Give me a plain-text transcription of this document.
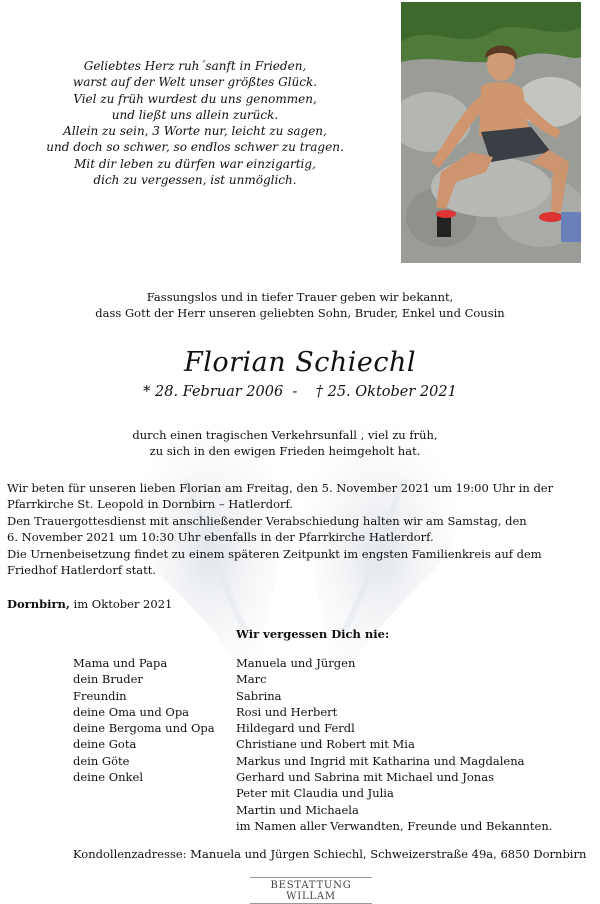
Geliebtes Herz ruh´sanft in Frieden,
warst auf der Welt unser größtes Glück.
Viel zu früh wurdest du uns genommen,
und ließt uns allein zurück.
Allein zu sein, 3 Worte nur, leicht zu sagen,
und doch so schwer, so endlos schwer zu tragen.
Mit dir leben zu dürfen war einzigartig,
dich zu vergessen, ist unmöglich.
Fassungslos und in tiefer Trauer geben wir bekannt,
dass Gott der Herr unseren geliebten Sohn, Bruder, Enkel und Cousin
Florian Schiechl
* 28. Februar 2006  -    † 25. Oktober 2021
durch einen tragischen Verkehrsunfall , viel zu früh,
zu sich in den ewigen Frieden heimgeholt hat.
Wir beten für unseren lieben Florian am Freitag, den 5. November 2021 um 19:00 Uhr in der
Pfarrkirche St. Leopold in Dornbirn – Hatlerdorf.
Den Trauergottesdienst mit anschließender Verabschiedung halten wir am Samstag, den
6. November 2021 um 10:30 Uhr ebenfalls in der Pfarrkirche Hatlerdorf.
Die Urnenbeisetzung findet zu einem späteren Zeitpunkt im engsten Familienkreis auf dem
Friedhof Hatlerdorf statt.
Dornbirn, im Oktober 2021
Wir vergessen Dich nie:
Mama und Papa
dein Bruder
Freundin
deine Oma und Opa
deine Bergoma und Opa
deine Gota
dein Göte
deine Onkel
Manuela und Jürgen
Marc
Sabrina
Rosi und Herbert
Hildegard und Ferdl
Christiane und Robert mit Mia
Markus und Ingrid mit Katharina und Magdalena
Gerhard und Sabrina mit Michael und Jonas
Peter mit Claudia und Julia
Martin und Michaela
im Namen aller Verwandten, Freunde und Bekannten.
Kondollenzadresse: Manuela und Jürgen Schiechl, Schweizerstraße 49a, 6850 Dornbirn
BESTATTUNG WILLAM
